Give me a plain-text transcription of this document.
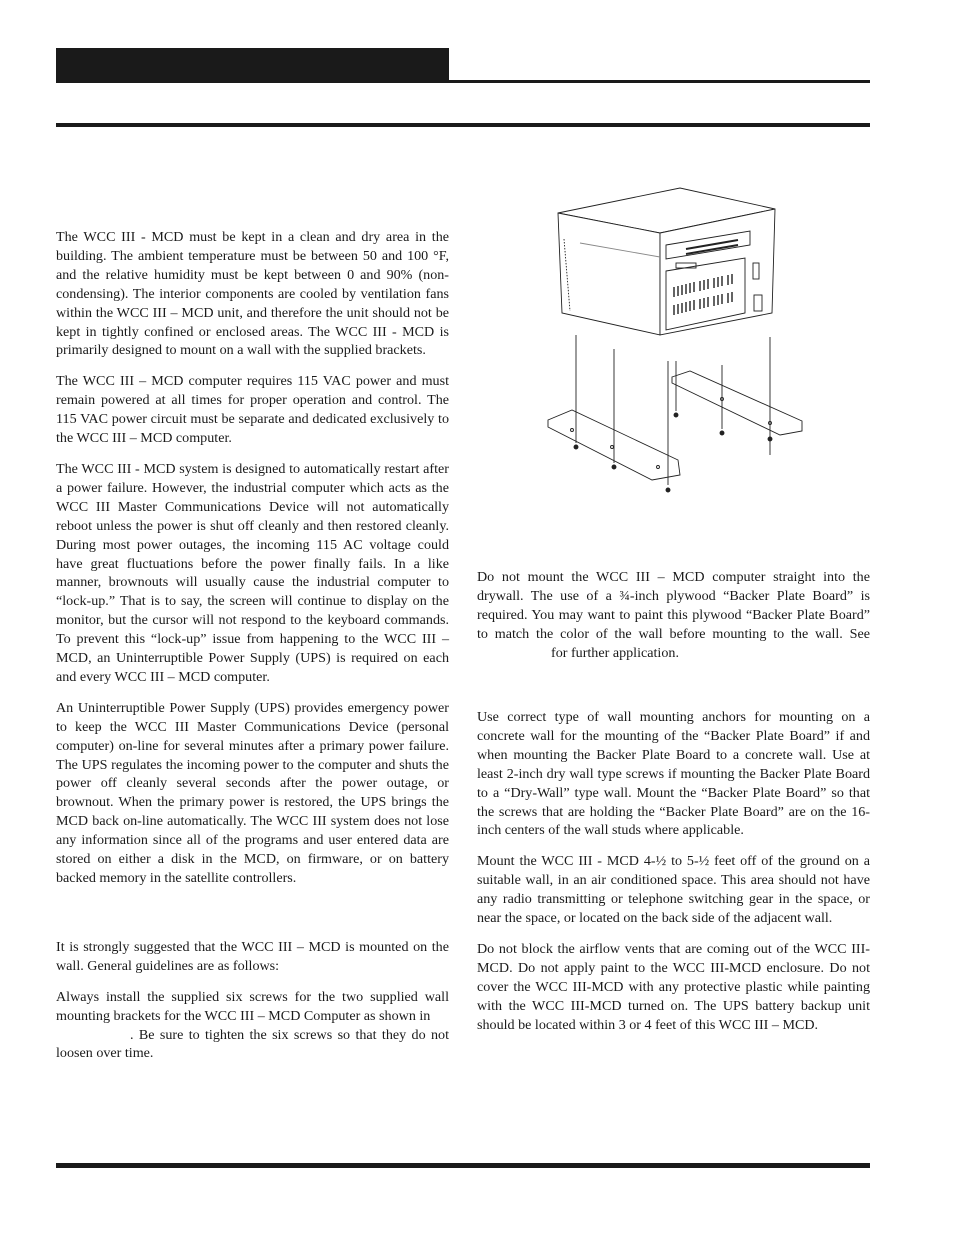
The WCC III - MCD must be kept in a clean and dry area in the building. The ambient temperature must be between 50 and 100 °F, and the relative humidity must be kept between 0 and 90% (non-condensing). The interior components are cooled by ventilation fans within the WCC III – MCD unit, and therefore the unit should not be kept in tightly confined or enclosed areas. The WCC III - MCD is primarily designed to mount on a wall with the supplied brackets.

The WCC III – MCD computer requires 115 VAC power and must remain powered at all times for proper operation and control. The 115 VAC power circuit must be separate and dedicated exclusively to the WCC III – MCD computer.

The WCC III - MCD system is designed to automatically restart after a power failure. However, the industrial computer which acts as the WCC III Master Communications Device will not automatically reboot unless the power is shut off cleanly and then restored cleanly. During most power outages, the incoming 115 AC voltage could have great fluctuations before the power finally fails. In a like manner, brownouts will usually cause the industrial computer to “lock-up.” That is to say, the screen will continue to display on the monitor, but the cursor will not respond to the keyboard commands. To prevent this “lock-up” issue from happening to the WCC III – MCD, an Uninterruptible Power Supply (UPS) is required on each and every WCC III – MCD computer.

An Uninterruptible Power Supply (UPS) provides emergency power to keep the WCC III Master Communications Device (personal computer) on-line for several minutes after a primary power failure. The UPS regulates the incoming power to the computer and shuts the power off cleanly several seconds after the power outage, or brownout. When the primary power is restored, the UPS brings the MCD back on-line automatically. The WCC III system does not lose any information since all of the programs and user entered data are stored on either a disk in the MCD, on firmware, or on battery backed memory in the satellite controllers.

It is strongly suggested that the WCC III – MCD is mounted on the wall. General guidelines are as follows:

Always install the supplied six screws for the two supplied wall mounting brackets for the WCC III – MCD Computer as shown in
. Be sure to tighten the six screws so that they do not loosen over time.

Do not mount the WCC III – MCD computer straight into the drywall. The use of a ¾-inch plywood “Backer Plate Board” is required. You may want to paint this plywood “Backer Plate Board” to match the color of the wall before mounting to the wall. Seefor further application.

Use correct type of wall mounting anchors for mounting on a concrete wall for the mounting of the “Backer Plate Board” if and when mounting the Backer Plate Board to a concrete wall. Use at least 2-inch dry wall type screws if mounting the Backer Plate Board to a “Dry-Wall” type wall. Mount the “Backer Plate Board” so that the screws that are holding the “Backer Plate Board” are on the 16-inch centers of the wall studs where applicable.

Mount the WCC III - MCD 4-½ to 5-½ feet off of the ground on a suitable wall, in an air conditioned space. This area should not have any radio transmitting or telephone switching gear in the space, or near the space, or located on the back side of the adjacent wall.

Do not block the airflow vents that are coming out of the WCC III-MCD. Do not apply paint to the WCC III-MCD enclosure. Do not cover the WCC III-MCD with any protective plastic while painting with the WCC III-MCD turned on. The UPS battery backup unit should be located within 3 or 4 feet of this WCC III – MCD.
